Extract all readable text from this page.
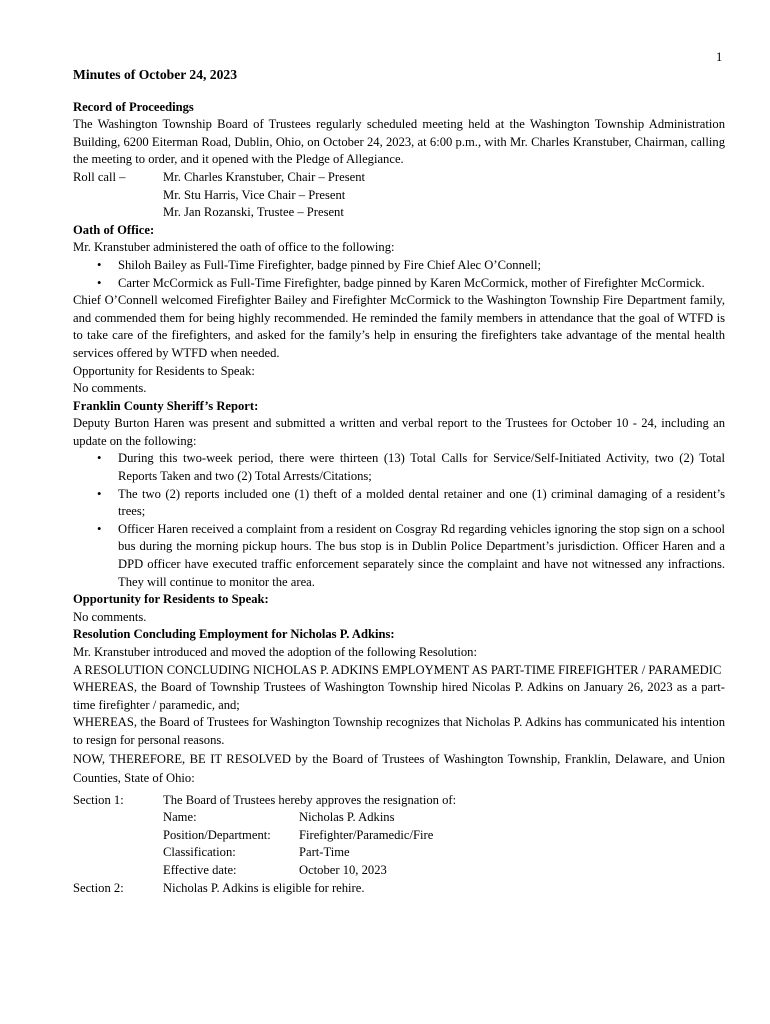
1

Minutes of October 24, 2023

Record of Proceedings

The Washington Township Board of Trustees regularly scheduled meeting held at the Washington Township Administration Building, 6200 Eiterman Road, Dublin, Ohio, on October 24, 2023, at 6:00 p.m., with Mr. Charles Kranstuber, Chairman, calling the meeting to order, and it opened with the Pledge of Allegiance.

Roll call –	Mr. Charles Kranstuber, Chair – Present

Mr. Stu Harris, Vice Chair – Present

Mr. Jan Rozanski, Trustee – Present

Oath of Office:

Mr. Kranstuber administered the oath of office to the following:

• Shiloh Bailey as Full-Time Firefighter, badge pinned by Fire Chief Alec O’Connell;
• Carter McCormick as Full-Time Firefighter, badge pinned by Karen McCormick, mother of Firefighter McCormick.

Chief O’Connell welcomed Firefighter Bailey and Firefighter McCormick to the Washington Township Fire Department family, and commended them for being highly recommended. He reminded the family members in attendance that the goal of WTFD is to take care of the firefighters, and asked for the family’s help in ensuring the firefighters take advantage of the mental health services offered by WTFD when needed.

Opportunity for Residents to Speak:

No comments.

Franklin County Sheriff’s Report:

Deputy Burton Haren was present and submitted a written and verbal report to the Trustees for October 10 - 24, including an update on the following:

• During this two-week period, there were thirteen (13) Total Calls for Service/Self-Initiated Activity, two (2) Total Reports Taken and two (2) Total Arrests/Citations;
• The two (2) reports included one (1) theft of a molded dental retainer and one (1) criminal damaging of a resident’s trees;
• Officer Haren received a complaint from a resident on Cosgray Rd regarding vehicles ignoring the stop sign on a school bus during the morning pickup hours. The bus stop is in Dublin Police Department’s jurisdiction. Officer Haren and a DPD officer have executed traffic enforcement separately since the complaint and have not witnessed any infractions. They will continue to monitor the area.

Opportunity for Residents to Speak:

No comments.

Resolution Concluding Employment for Nicholas P. Adkins:

Mr. Kranstuber introduced and moved the adoption of the following Resolution:

A RESOLUTION CONCLUDING NICHOLAS P. ADKINS EMPLOYMENT AS PART-TIME FIREFIGHTER / PARAMEDIC

WHEREAS, the Board of Township Trustees of Washington Township hired Nicolas P. Adkins on January 26, 2023 as a part-time firefighter / paramedic, and;

WHEREAS, the Board of Trustees for Washington Township recognizes that Nicholas P. Adkins has communicated his intention to resign for personal reasons.

NOW, THEREFORE, BE IT RESOLVED by the Board of Trustees of Washington Township, Franklin, Delaware, and Union Counties, State of Ohio:

Section 1:	The Board of Trustees hereby approves the resignation of:
Name:	Nicholas P. Adkins
Position/Department:	Firefighter/Paramedic/Fire
Classification:	Part-Time
Effective date:	October 10, 2023
Section 2:	Nicholas P. Adkins is eligible for rehire.
